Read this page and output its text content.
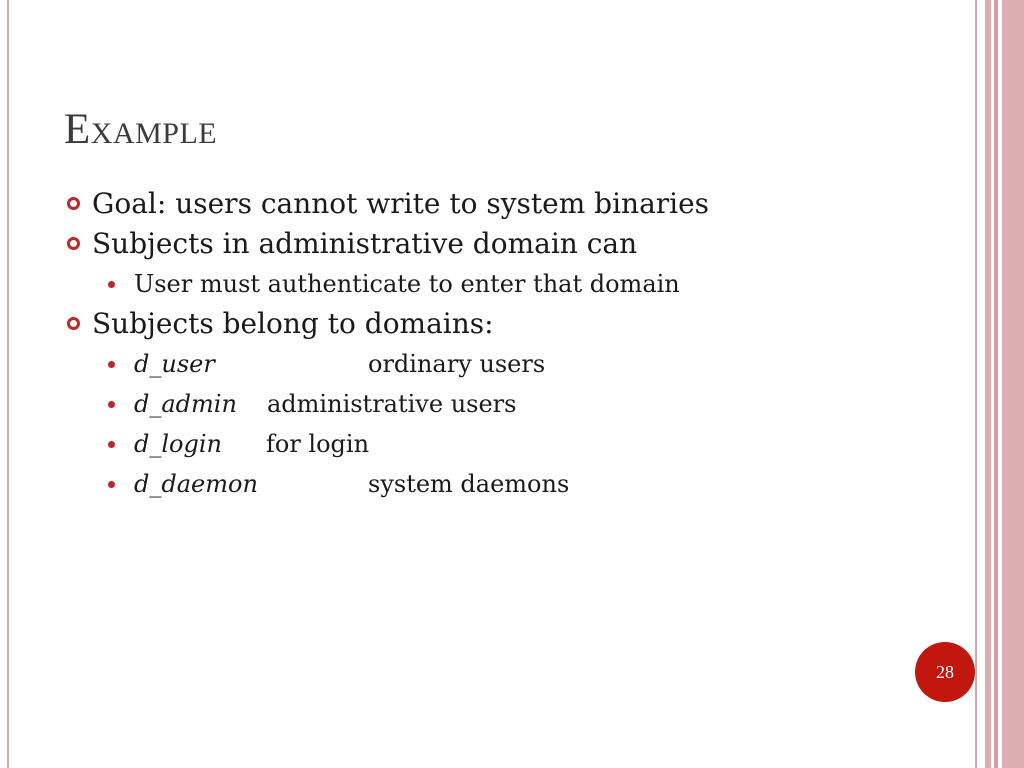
Example
Goal: users cannot write to system binaries
Subjects in administrative domain can
User must authenticate to enter that domain
Subjects belong to domains:
d_user	ordinary users
d_admin administrative users
d_login for login
d_daemon	system daemons
28
